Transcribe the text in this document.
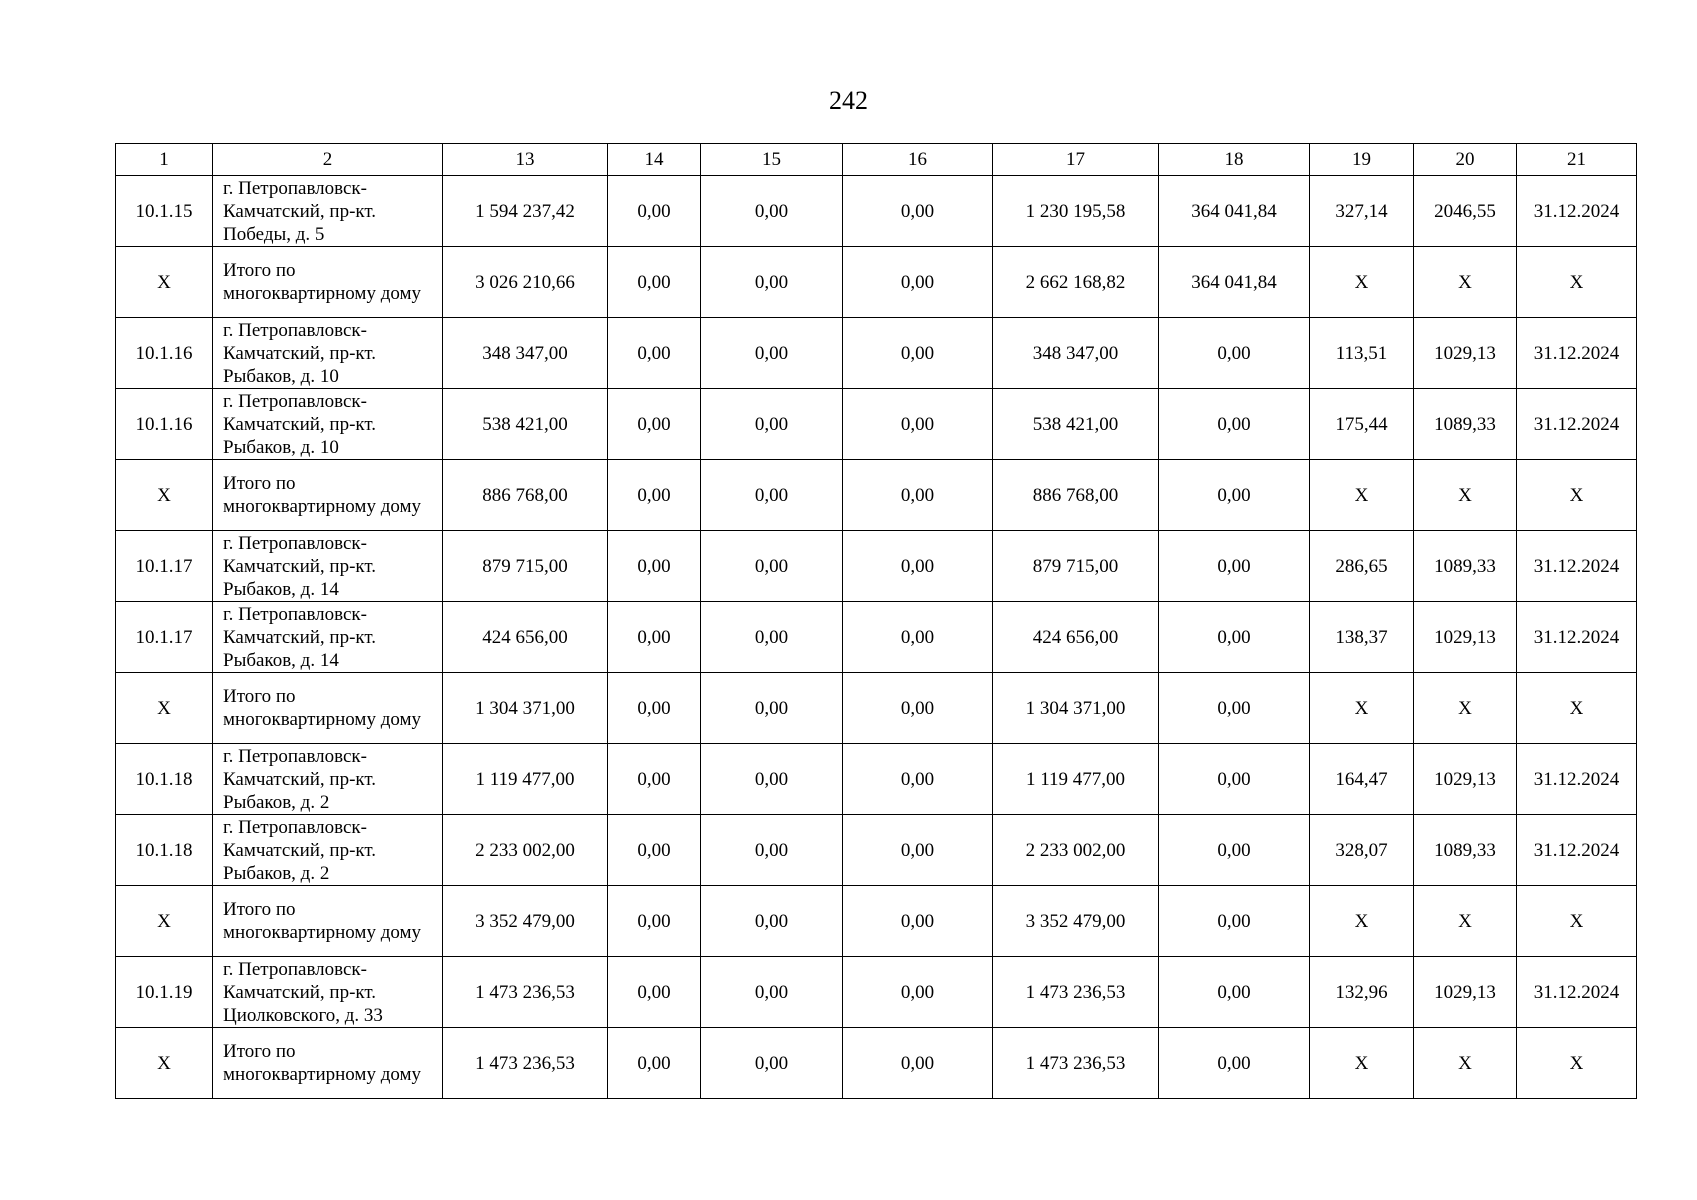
242
1	2	13	14	15	16	17	18	19	20	21
10.1.15	г. Петропавловск-Камчатский, пр-кт. Победы, д. 5	1 594 237,42	0,00	0,00	0,00	1 230 195,58	364 041,84	327,14	2046,55	31.12.2024
Х	Итого по многоквартирному дому	3 026 210,66	0,00	0,00	0,00	2 662 168,82	364 041,84	Х	Х	Х
10.1.16	г. Петропавловск-Камчатский, пр-кт. Рыбаков, д. 10	348 347,00	0,00	0,00	0,00	348 347,00	0,00	113,51	1029,13	31.12.2024
10.1.16	г. Петропавловск-Камчатский, пр-кт. Рыбаков, д. 10	538 421,00	0,00	0,00	0,00	538 421,00	0,00	175,44	1089,33	31.12.2024
Х	Итого по многоквартирному дому	886 768,00	0,00	0,00	0,00	886 768,00	0,00	Х	Х	Х
10.1.17	г. Петропавловск-Камчатский, пр-кт. Рыбаков, д. 14	879 715,00	0,00	0,00	0,00	879 715,00	0,00	286,65	1089,33	31.12.2024
10.1.17	г. Петропавловск-Камчатский, пр-кт. Рыбаков, д. 14	424 656,00	0,00	0,00	0,00	424 656,00	0,00	138,37	1029,13	31.12.2024
Х	Итого по многоквартирному дому	1 304 371,00	0,00	0,00	0,00	1 304 371,00	0,00	Х	Х	Х
10.1.18	г. Петропавловск-Камчатский, пр-кт. Рыбаков, д. 2	1 119 477,00	0,00	0,00	0,00	1 119 477,00	0,00	164,47	1029,13	31.12.2024
10.1.18	г. Петропавловск-Камчатский, пр-кт. Рыбаков, д. 2	2 233 002,00	0,00	0,00	0,00	2 233 002,00	0,00	328,07	1089,33	31.12.2024
Х	Итого по многоквартирному дому	3 352 479,00	0,00	0,00	0,00	3 352 479,00	0,00	Х	Х	Х
10.1.19	г. Петропавловск-Камчатский, пр-кт. Циолковского, д. 33	1 473 236,53	0,00	0,00	0,00	1 473 236,53	0,00	132,96	1029,13	31.12.2024
Х	Итого по многоквартирному дому	1 473 236,53	0,00	0,00	0,00	1 473 236,53	0,00	Х	Х	Х
